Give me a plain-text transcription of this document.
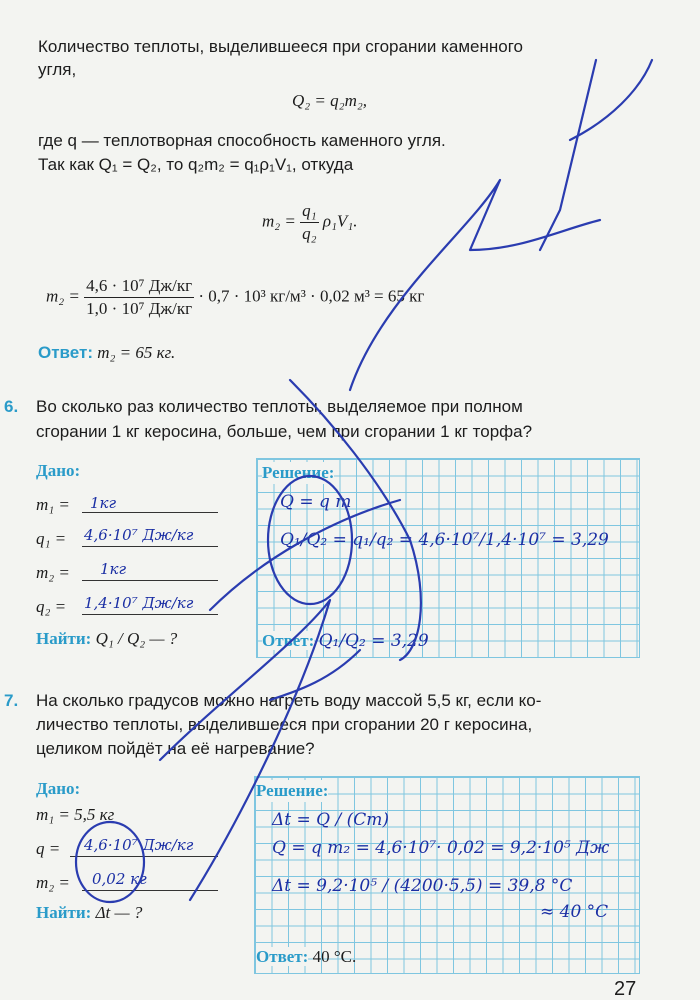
Количество теплоты, выделившееся при сгорании каменного
угля,
Q₂ = q₂m₂,
где q — теплотворная способность каменного угля.
Так как Q₁ = Q₂, то q₂m₂ = q₁ρ₁V₁, откуда
$m_2 = \frac{\text{q₁}}{\text{q₂}} \rho_1V_1$.
$m_2 = \frac{\text{4,6 · 10⁷ Дж/кг}}{\text{1,0 · 10⁷ Дж/кг}} \cdot 0,7 \cdot 10^3$ кг/м³ · 0,02 м³ = 65 кг
Ответ: m₂ = 65 кг.
6. Во сколько раз количество теплоты, выделяемое при полном
сгорании 1 кг керосина, больше, чем при сгорании 1 кг торфа?
Дано:
m₁ = 1кг
q₁ = 4,6·10⁷ Дж/кг
m₂ = 1кг
q₂ = 1,4·10⁷ Дж/кг
Найти: Q₁ / Q₂ — ?
Решение:
Q = q m
Q₁/Q₂ = q₁/q₂ = 4,6·10⁷/1,4·10⁷ = 3,29
Ответ: Q₁/Q₂ = 3,29
7. На сколько градусов можно нагреть воду массой 5,5 кг, если ко-
личество теплоты, выделившееся при сгорании 20 г керосина,
целиком пойдёт на её нагревание?
Дано:
m₁ = 5,5 кг
q = 4,6·10⁷ Дж/кг
m₂ = 0,02 кг
Найти: Δt — ?
Решение:
Δt = Q / (Cm)
Q = q m₂ = 4,6·10⁷· 0,02 = 9,2·10⁵ Дж
Δt = 9,2·10⁵ / (4200·5,5) = 39,8 °С
≈ 40 °С
Ответ: 40 °С.
27
